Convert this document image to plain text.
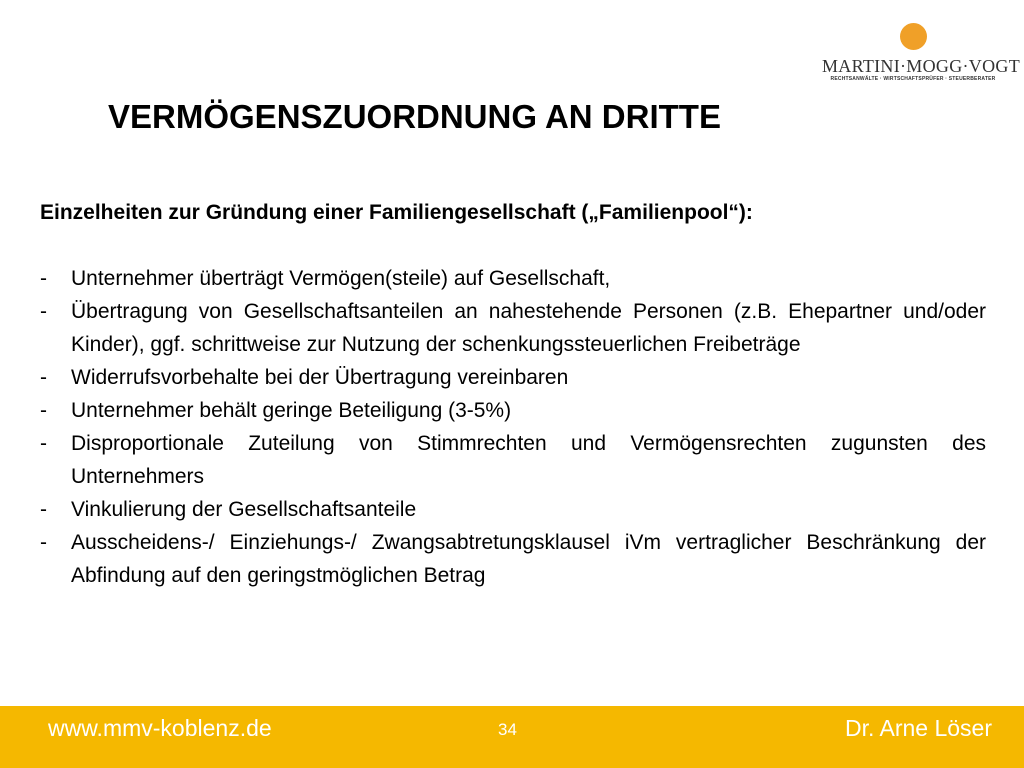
MARTINI·MOGG·VOGT
RECHTSANWÄLTE · WIRTSCHAFTSPRÜFER · STEUERBERATER
VERMÖGENSZUORDNUNG AN DRITTE

Einzelheiten zur Gründung einer Familiengesellschaft („Familienpool“):

- Unternehmer überträgt Vermögen(steile) auf Gesellschaft,
- Übertragung von Gesellschaftsanteilen an nahestehende Personen (z.B. Ehepartner und/oder Kinder), ggf. schrittweise zur Nutzung der schenkungssteuerlichen Freibeträge
- Widerrufsvorbehalte bei der Übertragung vereinbaren
- Unternehmer behält geringe Beteiligung (3-5%)
- Disproportionale Zuteilung von Stimmrechten und Vermögensrechten zugunsten des Unternehmers
- Vinkulierung der Gesellschaftsanteile
- Ausscheidens-/ Einziehungs-/ Zwangsabtretungsklausel iVm vertraglicher Beschränkung der Abfindung auf den geringstmöglichen Betrag
www.mmv-koblenz.de	34	Dr. Arne Löser
